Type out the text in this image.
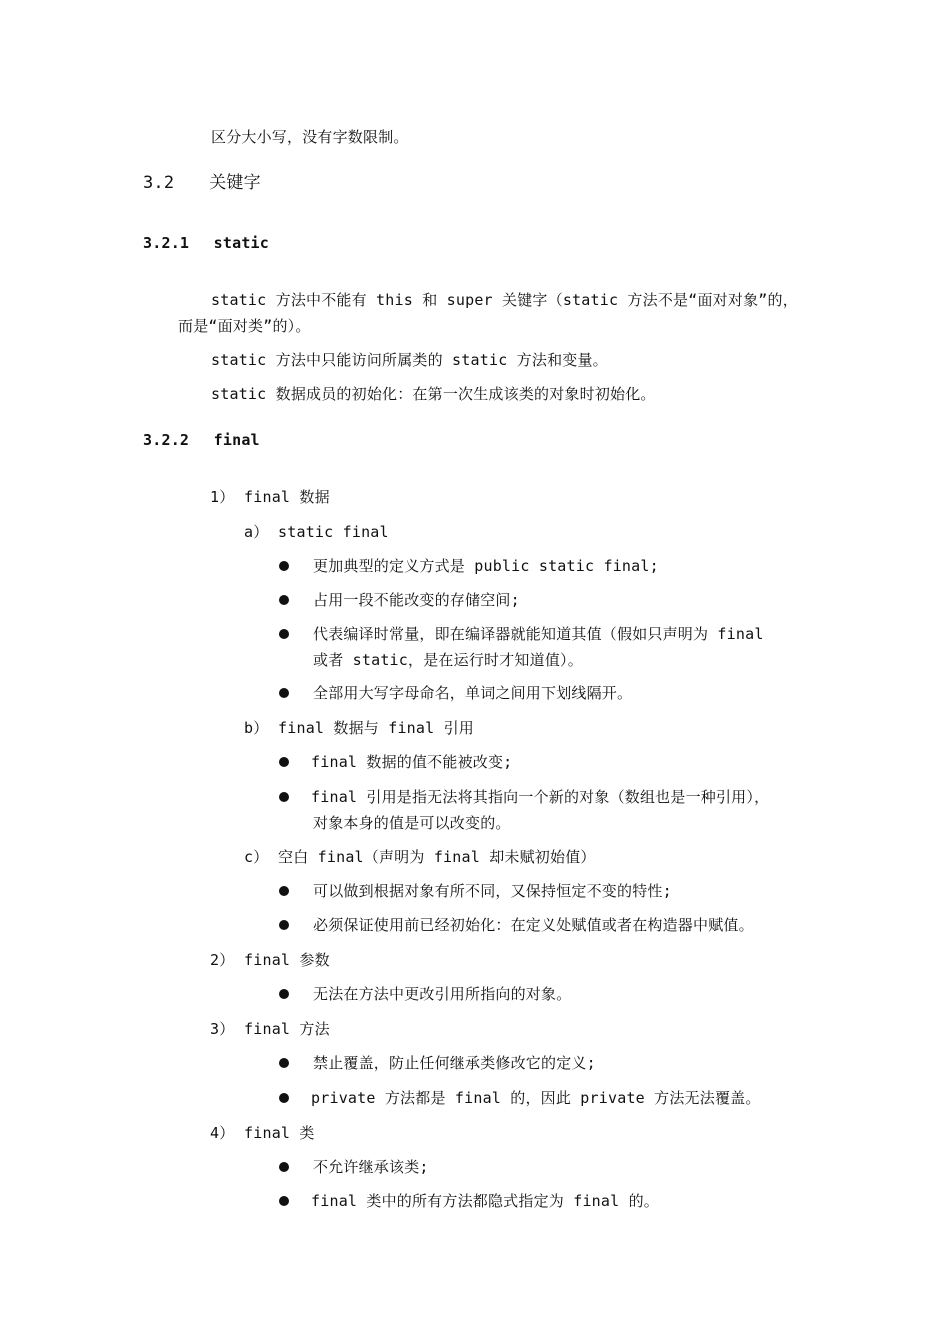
区分大小写，没有字数限制。
3.2 关键字
3.2.1 static
static 方法中不能有 this 和 super 关键字（static 方法不是“面对对象”的，
而是“面对类”的）。
static 方法中只能访问所属类的 static 方法和变量。
static 数据成员的初始化：在第一次生成该类的对象时初始化。
3.2.2 final
1） final 数据
a） static final
更加典型的定义方式是 public static final;
占用一段不能改变的存储空间;
代表编译时常量，即在编译器就能知道其值（假如只声明为 final
或者 static，是在运行时才知道值）。
全部用大写字母命名，单词之间用下划线隔开。
b） final 数据与 final 引用
final 数据的值不能被改变;
final 引用是指无法将其指向一个新的对象（数组也是一种引用），
对象本身的值是可以改变的。
c） 空白 final（声明为 final 却未赋初始值）
可以做到根据对象有所不同，又保持恒定不变的特性;
必须保证使用前已经初始化：在定义处赋值或者在构造器中赋值。
2） final 参数
无法在方法中更改引用所指向的对象。
3） final 方法
禁止覆盖，防止任何继承类修改它的定义;
private 方法都是 final 的，因此 private 方法无法覆盖。
4） final 类
不允许继承该类;
final 类中的所有方法都隐式指定为 final 的。
